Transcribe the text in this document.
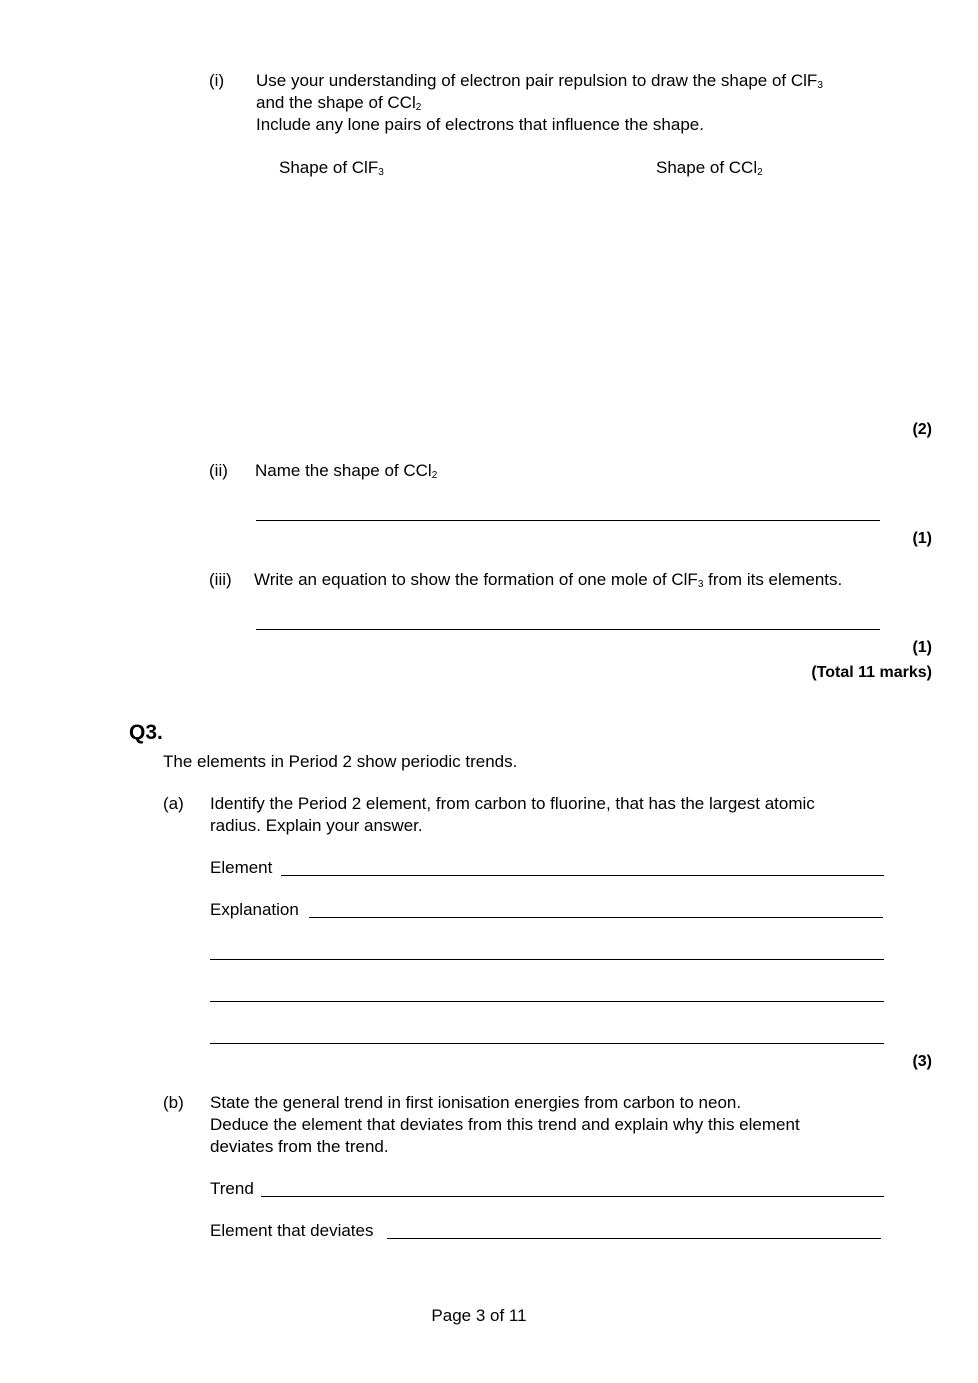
(i) Use your understanding of electron pair repulsion to draw the shape of ClF$_3$
and the shape of CCl$_2$
Include any lone pairs of electrons that influence the shape.
Shape of ClF$_3$	Shape of CCl$_2$
(2)
(ii) Name the shape of CCl$_2$
(1)
(iii) Write an equation to show the formation of one mole of ClF$_3$ from its elements.
(1)
(Total 11 marks)
Q3.
The elements in Period 2 show periodic trends.
(a) Identify the Period 2 element, from carbon to fluorine, that has the largest atomic
radius. Explain your answer.
Element
Explanation
(3)
(b) State the general trend in first ionisation energies from carbon to neon.
Deduce the element that deviates from this trend and explain why this element
deviates from the trend.
Trend
Element that deviates
Page 3 of 11
